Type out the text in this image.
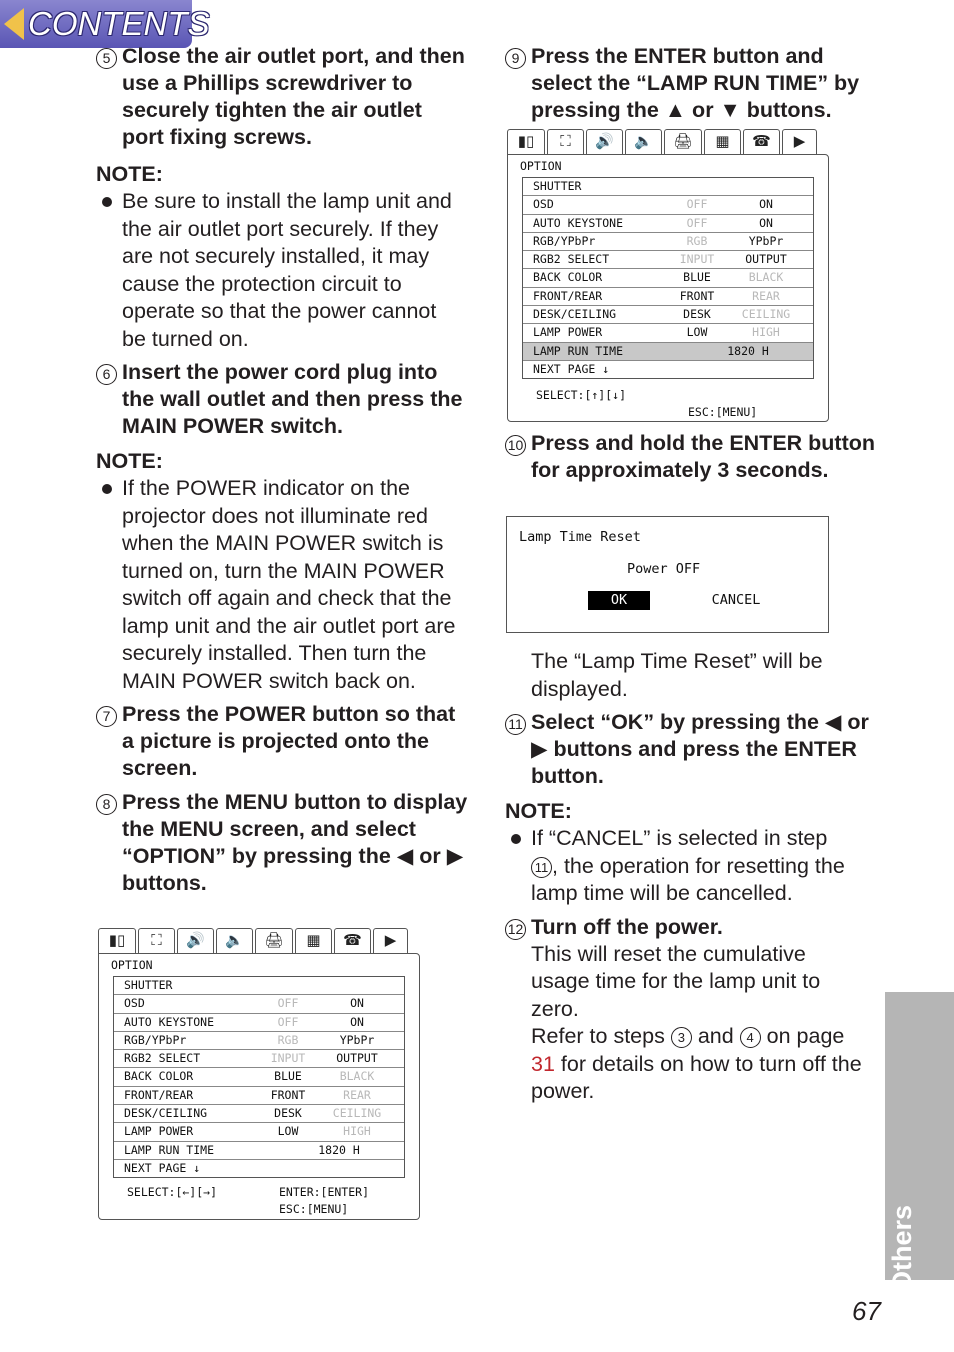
CONTENTS
5 Close the air outlet port, and then use a Phillips screwdriver to securely tighten the air outlet port fixing screws.
NOTE:
Be sure to install the lamp unit and the air outlet port securely. If they are not securely installed, it may cause the protection circuit to operate so that the power cannot be turned on.
6 Insert the power cord plug into the wall outlet and then press the MAIN POWER switch.
NOTE:
If the POWER indicator on the projector does not illuminate red when the MAIN POWER switch is turned on, turn the MAIN POWER switch off again and check that the lamp unit and the air outlet port are securely installed. Then turn the MAIN POWER switch back on.
7 Press the POWER button so that a picture is projected onto the screen.
8 Press the MENU button to display the MENU screen, and select “OPTION” by pressing the ◀ or ▶ buttons.
▮▯	⛶	🔊	🔈	🖨	▦	☎	▶
OPTION
SHUTTER
OSD	OFF	ON
AUTO KEYSTONE	OFF	ON
RGB/YPbPr	RGB	YPbPr
RGB2 SELECT	INPUT	OUTPUT
BACK COLOR	BLUE	BLACK
FRONT/REAR	FRONT	REAR
DESK/CEILING	DESK	CEILING
LAMP POWER	LOW	HIGH
LAMP RUN TIME	1820 H
NEXT PAGE ↓
SELECT:[←][→]	ENTER:[ENTER]
ESC:[MENU]
9 Press the ENTER button and select the “LAMP RUN TIME” by pressing the ▲ or ▼ buttons.
▮▯	⛶	🔊	🔈	🖨	▦	☎	▶
OPTION
SHUTTER
OSD	OFF	ON
AUTO KEYSTONE	OFF	ON
RGB/YPbPr	RGB	YPbPr
RGB2 SELECT	INPUT	OUTPUT
BACK COLOR	BLUE	BLACK
FRONT/REAR	FRONT	REAR
DESK/CEILING	DESK	CEILING
LAMP POWER	LOW	HIGH
LAMP RUN TIME	1820 H
NEXT PAGE ↓
SELECT:[↑][↓]
ESC:[MENU]
10 Press and hold the ENTER button for approximately 3 seconds.
Lamp Time Reset
Power OFF
OK	CANCEL
The “Lamp Time Reset” will be displayed.
11 Select “OK” by pressing the ◀ or ▶ buttons and press the ENTER button.
NOTE:
If “CANCEL” is selected in step
11 , the operation for resetting the lamp time will be cancelled.
12 Turn off the power.
This will reset the cumulative usage time for the lamp unit to zero.
Refer to steps 3 and 4 on page 31 for details on how to turn off the power.
Others
67
